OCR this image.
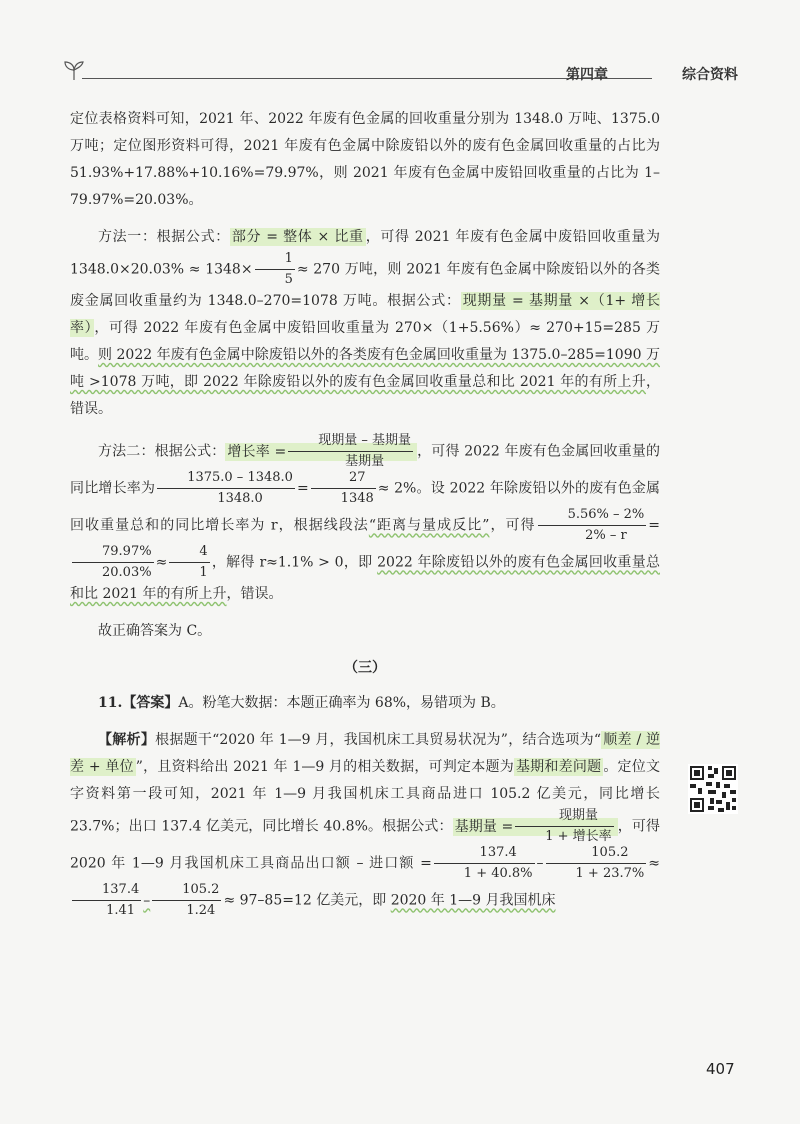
第四章	综合资料

定位表格资料可知，2021 年、2022 年废有色金属的回收重量分别为 1348.0 万吨、1375.0 万吨；定位图形资料可得，2021 年废有色金属中除废铅以外的废有色金属回收重量的占比为 51.93%+17.88%+10.16%=79.97%，则 2021 年废有色金属中废铅回收重量的占比为 1–79.97%=20.03%。

方法一：根据公式： 部分 = 整体 × 比重 ，可得 2021 年废有色金属中废铅回收重量为 $1348.0\times 20.03\% \approx 1348\times \frac{1}{5} \approx 270$ 万吨，则 2021 年废有色金属中除废铅以外的各类废金属回收重量约为 1348.0–270=1078 万吨。根据公式： 现期量 = 基期量 ×（1+ 增长率） ，可得 2022 年废有色金属中废铅回收重量为 270×（1+5.56%）≈ 270+15=285 万吨。则 2022 年废有色金属中除废铅以外的各类废有色金属回收重量为 1375.0–285=1090 万吨 >1078 万吨，即 2022 年除废铅以外的废有色金属回收重量总和比 2021 年的有所上升，错误。

方法二：根据公式： 增长率 = $\frac{\text{现期量 – 基期量}}{\text{基期量}}$ ，可得 2022 年废有色金属回收重量的同比增长率为 $\frac{1375.0 - 1348.0}{1348.0} = \frac{27}{1348} \approx 2\%$。设 2022 年除废铅以外的废有色金属回收重量总和的同比增长率为 r，根据线段法“距离与量成反比”，可得 $\frac{5.56\% - 2\%}{2\% - r}$ =
$\frac{79.97\%}{20.03\%} \approx \frac{4}{1}$ ，解得 r≈1.1% > 0，即 2022 年除废铅以外的废有色金属回收重量总和比 2021 年的有所上升，错误。

故正确答案为 C。

（三）

11.【答案】A。粉笔大数据：本题正确率为 68%，易错项为 B。

【解析】根据题干“2020 年 1—9 月，我国机床工具贸易状况为”，结合选项为“ 顺差 / 逆差 + 单位 ”，且资料给出 2021 年 1—9 月的相关数据，可判定本题为 基期和差问题 。定位文字资料第一段可知，2021 年 1—9 月我国机床工具商品进口 105.2 亿美元，同比增长 23.7%；出口 137.4 亿美元，同比增长 40.8%。根据公式： 基期量 = $\frac{\text{现期量}}{\text{1 + 增长率}}$ ，可得 2020 年 1—9 月我国机床工具商品出口额 – 进口额 = $\frac{137.4}{1 + 40.8\%} - \frac{105.2}{1 + 23.7\%}$ ≈
$\frac{137.4}{1.41} - \frac{105.2}{1.24} \approx 97-85=12$ 亿美元，即 2020 年 1—9 月我国机床

407
